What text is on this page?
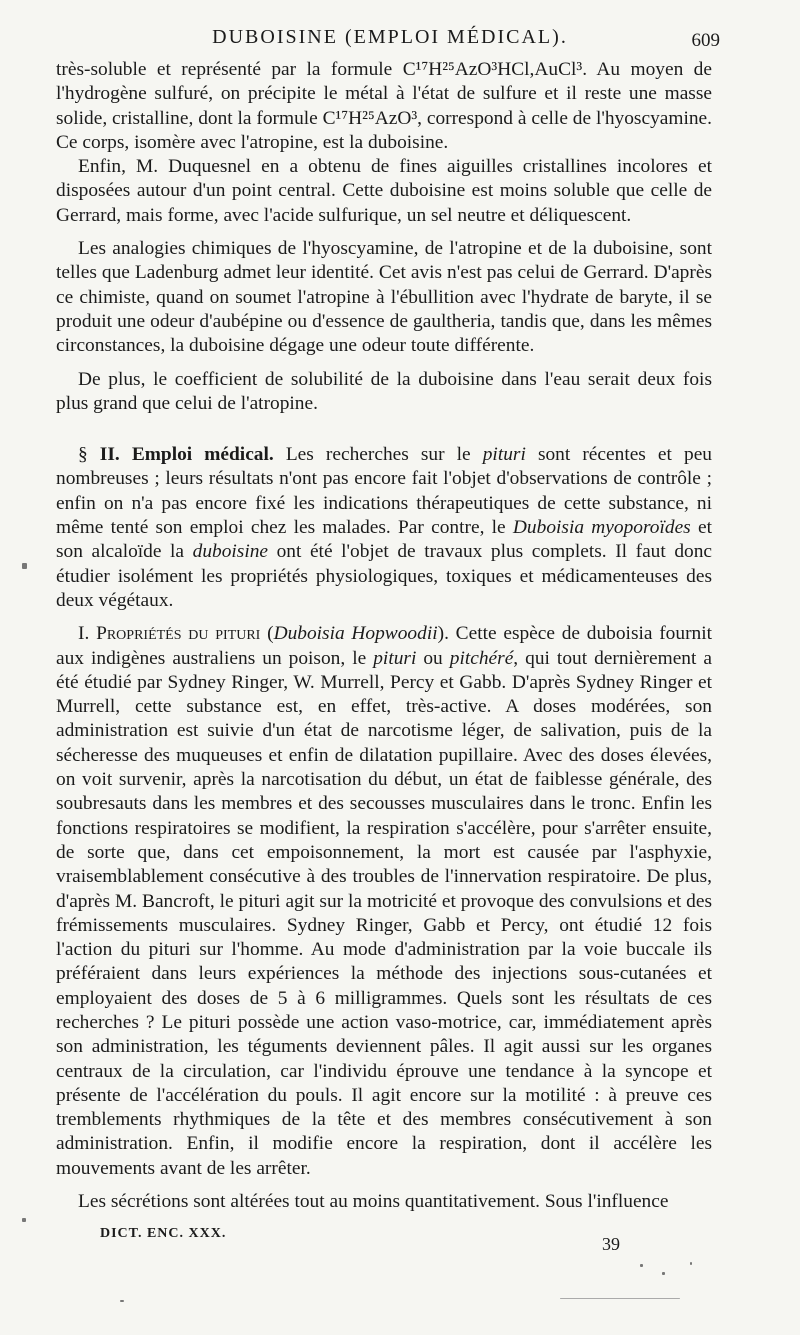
DUBOISINE (EMPLOI MÉDICAL).	609

très-soluble et représenté par la formule C¹⁷H²⁵AzO³HCl,AuCl³. Au moyen de l'hydrogène sulfuré, on précipite le métal à l'état de sulfure et il reste une masse solide, cristalline, dont la formule C¹⁷H²⁵AzO³, correspond à celle de l'hyoscyamine. Ce corps, isomère avec l'atropine, est la duboisine.

Enfin, M. Duquesnel en a obtenu de fines aiguilles cristallines incolores et disposées autour d'un point central. Cette duboisine est moins soluble que celle de Gerrard, mais forme, avec l'acide sulfurique, un sel neutre et déliquescent.

Les analogies chimiques de l'hyoscyamine, de l'atropine et de la duboisine, sont telles que Ladenburg admet leur identité. Cet avis n'est pas celui de Gerrard. D'après ce chimiste, quand on soumet l'atropine à l'ébullition avec l'hydrate de baryte, il se produit une odeur d'aubépine ou d'essence de gaultheria, tandis que, dans les mêmes circonstances, la duboisine dégage une odeur toute différente.

De plus, le coefficient de solubilité de la duboisine dans l'eau serait deux fois plus grand que celui de l'atropine.

§ II. Emploi médical. Les recherches sur le pituri sont récentes et peu nombreuses ; leurs résultats n'ont pas encore fait l'objet d'observations de contrôle ; enfin on n'a pas encore fixé les indications thérapeutiques de cette substance, ni même tenté son emploi chez les malades. Par contre, le Duboisia myoporoïdes et son alcaloïde la duboisine ont été l'objet de travaux plus complets. Il faut donc étudier isolément les propriétés physiologiques, toxiques et médicamenteuses des deux végétaux.

I. Propriétés du pituri (Duboisia Hopwoodii). Cette espèce de duboisia fournit aux indigènes australiens un poison, le pituri ou pitchéré, qui tout dernièrement a été étudié par Sydney Ringer, W. Murrell, Percy et Gabb. D'après Sydney Ringer et Murrell, cette substance est, en effet, très-active. A doses modérées, son administration est suivie d'un état de narcotisme léger, de salivation, puis de la sécheresse des muqueuses et enfin de dilatation pupillaire. Avec des doses élevées, on voit survenir, après la narcotisation du début, un état de faiblesse générale, des soubresauts dans les membres et des secousses musculaires dans le tronc. Enfin les fonctions respiratoires se modifient, la respiration s'accélère, pour s'arrêter ensuite, de sorte que, dans cet empoisonnement, la mort est causée par l'asphyxie, vraisemblablement consécutive à des troubles de l'innervation respiratoire. De plus, d'après M. Bancroft, le pituri agit sur la motricité et provoque des convulsions et des frémissements musculaires. Sydney Ringer, Gabb et Percy, ont étudié 12 fois l'action du pituri sur l'homme. Au mode d'administration par la voie buccale ils préféraient dans leurs expériences la méthode des injections sous-cutanées et employaient des doses de 5 à 6 milligrammes. Quels sont les résultats de ces recherches ? Le pituri possède une action vaso-motrice, car, immédiatement après son administration, les téguments deviennent pâles. Il agit aussi sur les organes centraux de la circulation, car l'individu éprouve une tendance à la syncope et présente de l'accélération du pouls. Il agit encore sur la motilité : à preuve ces tremblements rhythmiques de la tête et des membres consécutivement à son administration. Enfin, il modifie encore la respiration, dont il accélère les mouvements avant de les arrêter.

Les sécrétions sont altérées tout au moins quantitativement. Sous l'influence

DICT. ENC. XXX.
39
